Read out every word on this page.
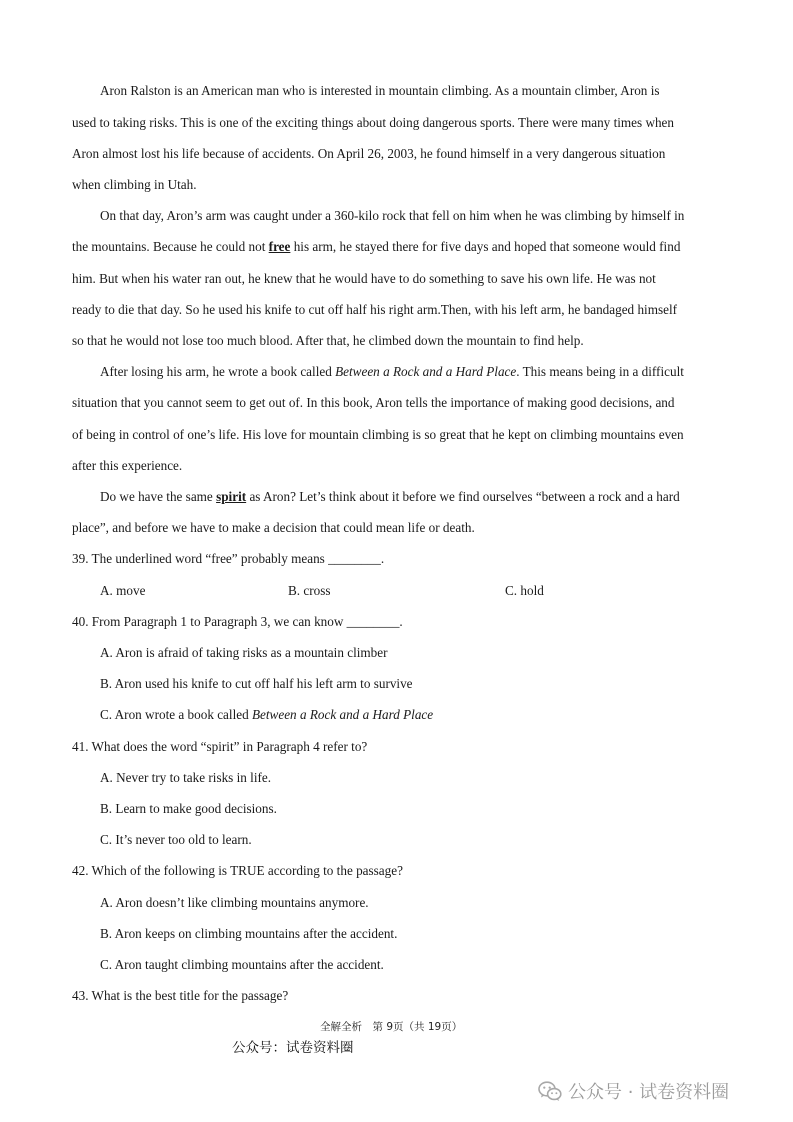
Aron Ralston is an American man who is interested in mountain climbing. As a mountain climber, Aron is
used to taking risks. This is one of the exciting things about doing dangerous sports. There were many times when
Aron almost lost his life because of accidents. On April 26, 2003, he found himself in a very dangerous situation
when climbing in Utah.
On that day, Aron’s arm was caught under a 360-kilo rock that fell on him when he was climbing by himself in
the mountains. Because he could not free his arm, he stayed there for five days and hoped that someone would find
him. But when his water ran out, he knew that he would have to do something to save his own life. He was not
ready to die that day. So he used his knife to cut off half his right arm.Then, with his left arm, he bandaged himself
so that he would not lose too much blood. After that, he climbed down the mountain to find help.
After losing his arm, he wrote a book called Between a Rock and a Hard Place. This means being in a difficult
situation that you cannot seem to get out of. In this book, Aron tells the importance of making good decisions, and
of being in control of one’s life. His love for mountain climbing is so great that he kept on climbing mountains even
after this experience.
Do we have the same spirit as Aron? Let’s think about it before we find ourselves “between a rock and a hard
place”, and before we have to make a decision that could mean life or death.
39. The underlined word “free” probably means ________.
A. move	B. cross	C. hold
40. From Paragraph 1 to Paragraph 3, we can know ________.
A. Aron is afraid of taking risks as a mountain climber
B. Aron used his knife to cut off half his left arm to survive
C. Aron wrote a book called Between a Rock and a Hard Place
41. What does the word “spirit” in Paragraph 4 refer to?
A. Never try to take risks in life.
B. Learn to make good decisions.
C. It’s never too old to learn.
42. Which of the following is TRUE according to the passage?
A. Aron doesn’t like climbing mountains anymore.
B. Aron keeps on climbing mountains after the accident.
C. Aron taught climbing mountains after the accident.
43. What is the best title for the passage?
全解全析　第 9页（共 19页）
公众号：试卷资料圈
公众号 · 试卷资料圈
